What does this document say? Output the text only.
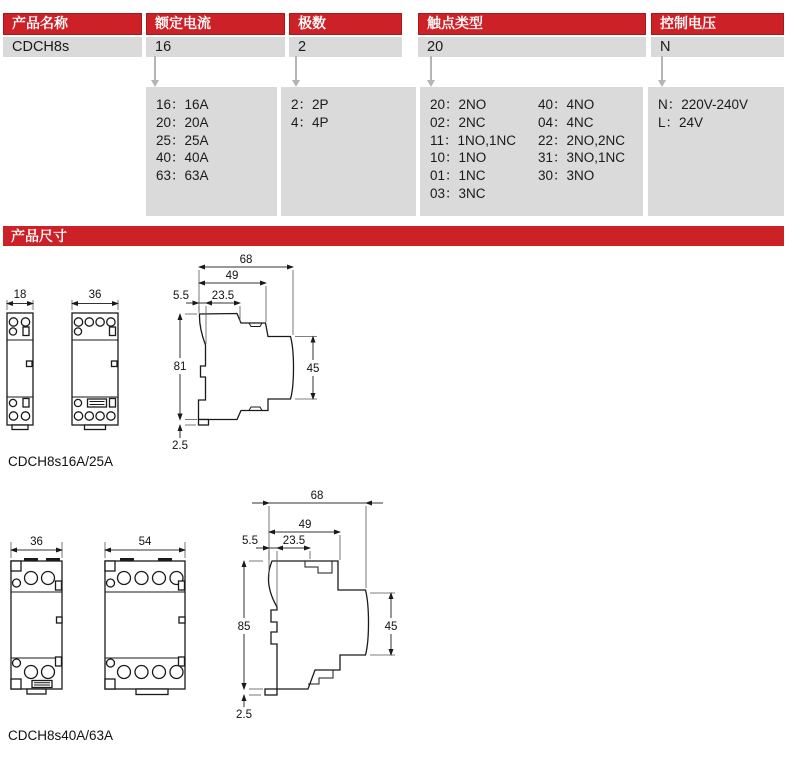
产品名称	额定电流	极数	触点类型	控制电压
CDCH8s	16	2	20	N
16：16A
20：20A
25：25A
40：40A
63：63A
2：2P
4：4P
20：2NO
02：2NC
11：1NO,1NC
10：1NO
01：1NC
03：3NC
40：4NO
04：4NC
22：2NO,2NC
31：3NO,1NC
30：3NO
N：220V-240V
L：24V
产品尺寸
18	36
68
49
5.5 23.5
81	45
2.5
CDCH8s16A/25A
36	54
68
49
5.5 23.5
85	45
2.5
CDCH8s40A/63A
